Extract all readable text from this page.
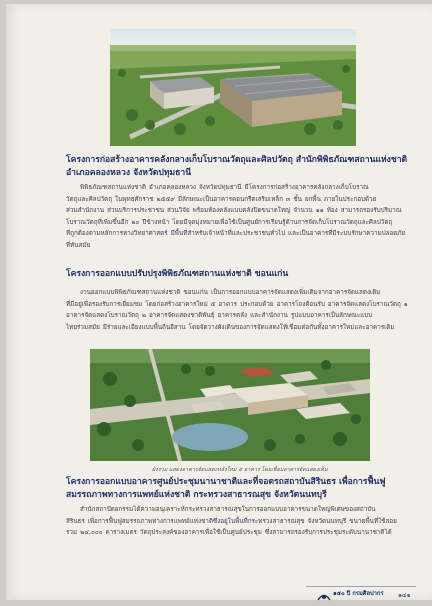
โครงการก่อสร้างอาคารคลังกลางเก็บโบราณวัตถุและศิลปวัตถุ สำนักพิพิธภัณฑสถานแห่งชาติ อำเภอคลองหลวง จังหวัดปทุมธานี

พิพิธภัณฑสถานแห่งชาติ อำเภอคลองหลวง จังหวัดปทุมธานี มีโครงการก่อสร้างอาคารคลังกลางเก็บโบราณ

วัตถุและศิลปวัตถุ ในพุทธศักราช ๒๕๕๙ มีลักษณะเป็นอาคารคอนกรีตเสริมเหล็ก ๓ ชั้น ยกพื้น ภายในประกอบด้วย

ส่วนสำนักงาน ส่วนบริการประชาชน ส่วนวิจัย พร้อมห้องคลังแบบคลังปิดขนาดใหญ่ จำนวน ๑๑ ห้อง สามารถรองรับปริมาณ

โบราณวัตถุที่เพิ่มขึ้นอีก ๒๐ ปีข้างหน้า โดยมีจุดมุ่งหมายเพื่อใช้เป็นศูนย์การเรียนรู้ด้านการจัดเก็บโบราณวัตถุและศิลปวัตถุ

ที่ถูกต้องตามหลักการทางวิทยาศาสตร์ มีพื้นที่สำหรับเจ้าหน้าที่และประชาชนทั่วไป และเป็นอาคารที่มีระบบรักษาความปลอดภัย

ที่ทันสมัย

โครงการออกแบบปรับปรุงพิพิธภัณฑสถานแห่งชาติ ขอนแก่น

งานออกแบบพิพิธภัณฑสถานแห่งชาติ ขอนแก่น เป็นการออกแบบอาคารจัดแสดงเพิ่มเติมจากอาคารจัดแสดงเดิม

ที่มีอยู่เพื่อรองรับการเยี่ยมชม โดยก่อสร้างอาคารใหม่ ๕ อาคาร ประกอบด้วย อาคารโถงต้อนรับ อาคารจัดแสดงโบราณวัตถุ ๑

อาคารจัดแสดงโบราณวัตถุ ๒ อาคารจัดแสดงชาติพันธุ์ อาคารคลัง และสำนักงาน รูปแบบอาคารเป็นลักษณะแบบ

ไทยร่วมสมัย มีร่ายและเอียงแบบพื้นถิ่นอีสาน โดยจัดวางผังเดินของการจัดแสดงให้เชื่อมต่อกันทั้งอาคารใหม่และอาคารเดิม

ผังรวม แสดงอาคารจัดแสดงหลังใหม่ ๕ อาคาร โดยเชื่อมอาคารจัดแสดงเดิม
โครงการออกแบบอาคารศูนย์ประชุมนานาชาติและที่จอดรถสถาบันสิรินธร เพื่อการฟื้นฟูสมรรถภาพทางการแพทย์แห่งชาติ กระทรวงสาธารณสุข จังหวัดนนทบุรี

สำนักสถาปัตยกรรมได้ความอนุเคราะห์กระทรวงสาธารณสุขในการออกแบบอาคารขนาดใหญ่พิเศษของสถาบัน

สิรินธร เพื่อการฟื้นฟูสมรรถภาพทางการแพทย์แห่งชาติซึ่งอยู่ในพื้นที่กระทรวงสาธารณสุข จังหวัดนนทบุรี ขนาดพื้นที่ใช้สอย

รวม ๒๔,๐๐๐ ตารางเมตร วัตถุประสงค์ของอาคารเพื่อใช้เป็นศูนย์ประชุม ซึ่งสามารถรองรับการประชุมระดับนานาชาติได้

๑๕๐ ปี กรมศิลปากร ๑๔๑
